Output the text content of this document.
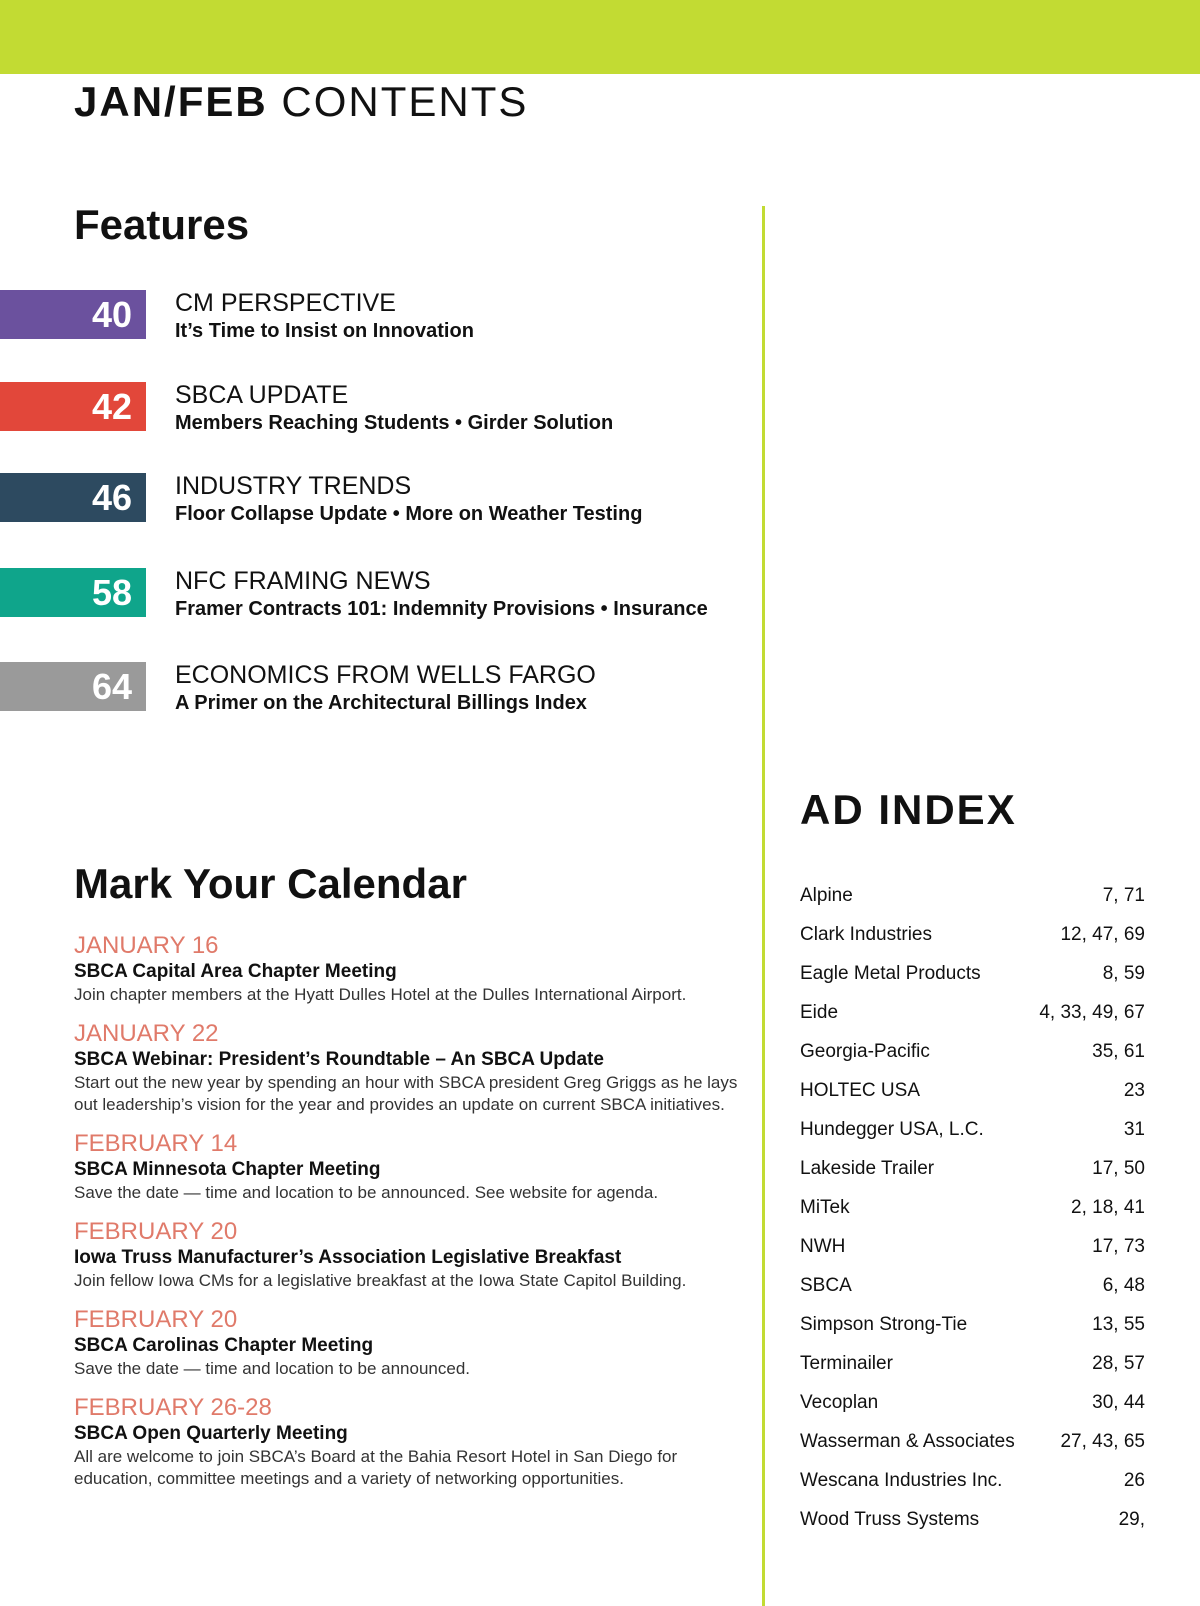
JAN/FEB CONTENTS
Features
40	CM PERSPECTIVE
It’s Time to Insist on Innovation
42	SBCA UPDATE
Members Reaching Students • Girder Solution
46	INDUSTRY TRENDS
Floor Collapse Update • More on Weather Testing
58	NFC FRAMING NEWS
Framer Contracts 101: Indemnity Provisions • Insurance
64	ECONOMICS FROM WELLS FARGO
A Primer on the Architectural Billings Index
Mark Your Calendar
JANUARY 16
SBCA Capital Area Chapter Meeting
Join chapter members at the Hyatt Dulles Hotel at the Dulles International Airport.
JANUARY 22
SBCA Webinar: President’s Roundtable – An SBCA Update
Start out the new year by spending an hour with SBCA president Greg Griggs as he lays out leadership’s vision for the year and provides an update on current SBCA initiatives.
FEBRUARY 14
SBCA Minnesota Chapter Meeting
Save the date — time and location to be announced. See website for agenda.
FEBRUARY 20
Iowa Truss Manufacturer’s Association Legislative Breakfast
Join fellow Iowa CMs for a legislative breakfast at the Iowa State Capitol Building.
FEBRUARY 20
SBCA Carolinas Chapter Meeting
Save the date — time and location to be announced.
FEBRUARY 26-28
SBCA Open Quarterly Meeting
All are welcome to join SBCA’s Board at the Bahia Resort Hotel in San Diego for education, committee meetings and a variety of networking opportunities.
AD INDEX
Alpine	7, 71
Clark Industries	12, 47, 69
Eagle Metal Products	8, 59
Eide	4, 33, 49, 67
Georgia-Pacific	35, 61
HOLTEC USA	23
Hundegger USA, L.C.	31
Lakeside Trailer	17, 50
MiTek	2, 18, 41
NWH	17, 73
SBCA	6, 48
Simpson Strong-Tie	13, 55
Terminailer	28, 57
Vecoplan	30, 44
Wasserman & Associates 27, 43, 65
Wescana Industries Inc.	26
Wood Truss Systems	29,
